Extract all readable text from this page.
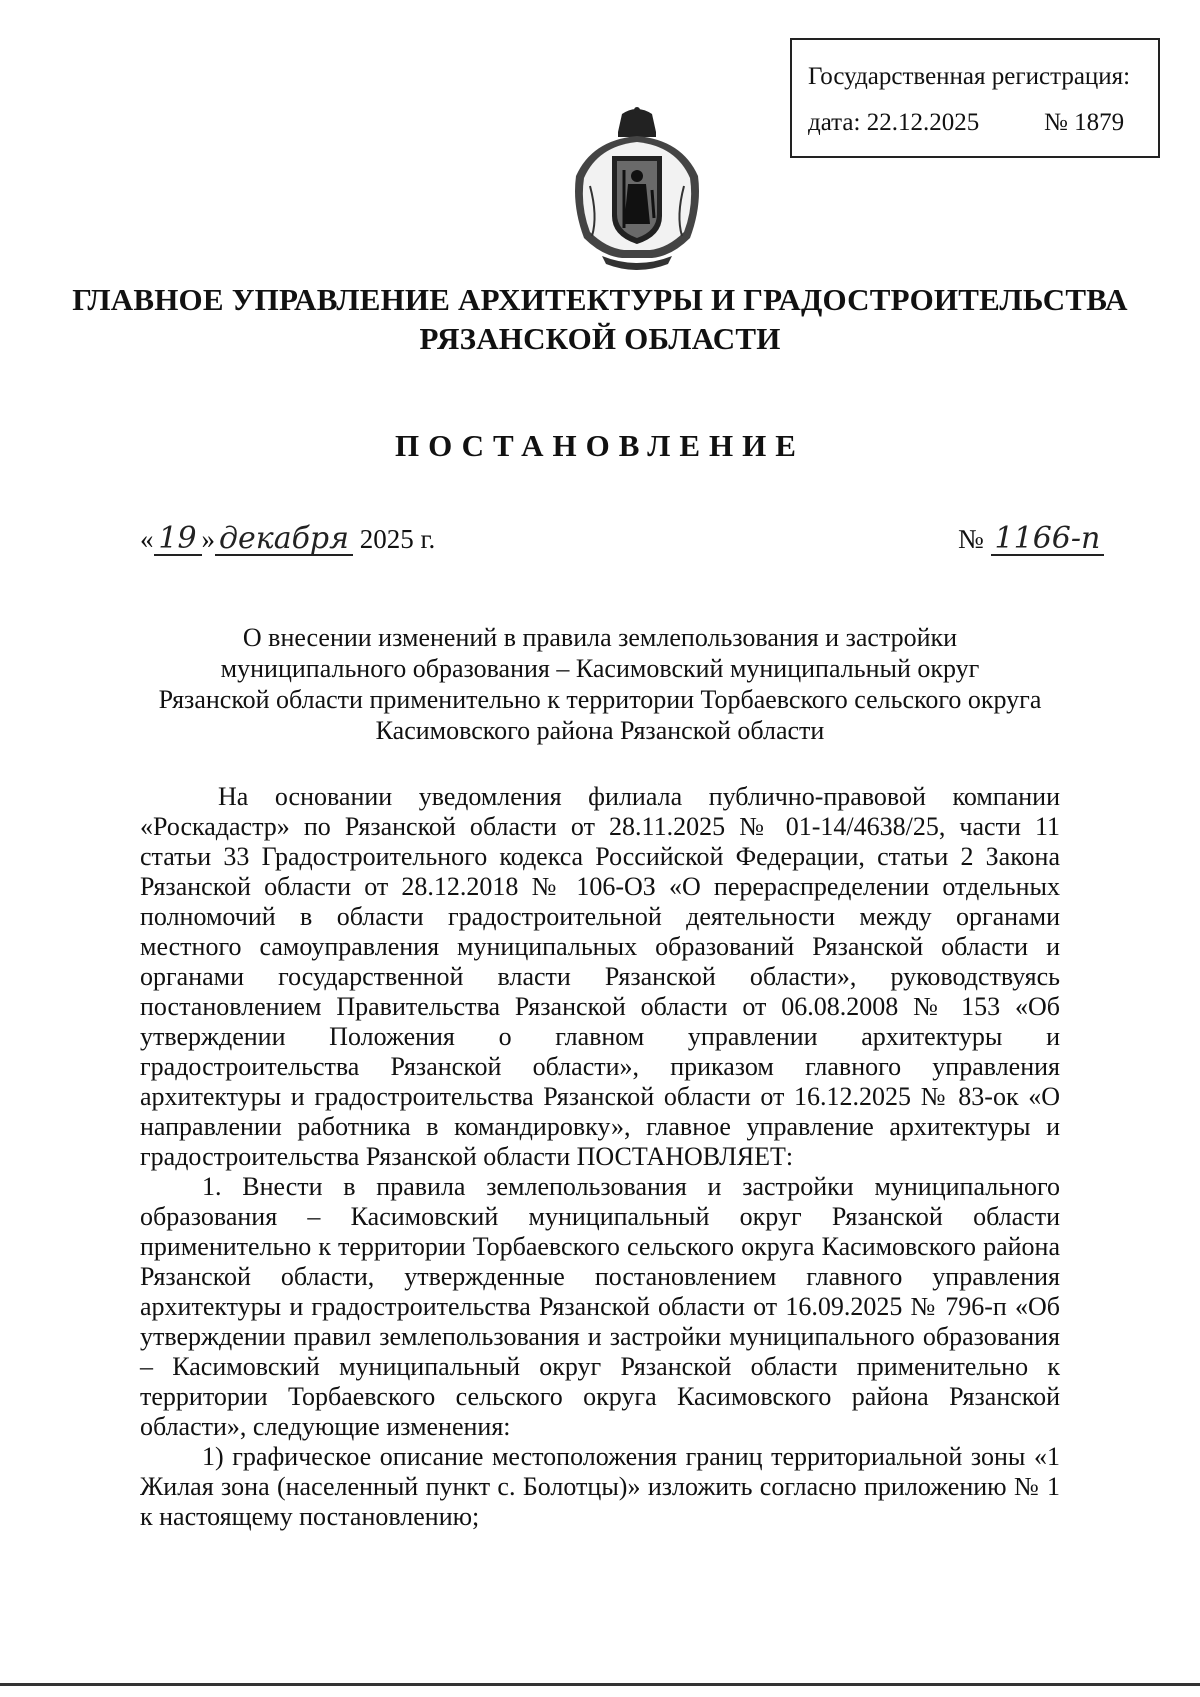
Государственная регистрация:
дата: 22.12.2025	№ 1879
ГЛАВНОЕ УПРАВЛЕНИЕ АРХИТЕКТУРЫ И ГРАДОСТРОИТЕЛЬСТВА
РЯЗАНСКОЙ ОБЛАСТИ
ПОСТАНОВЛЕНИЕ
« 19 » декабря 2025 г.	№ 1166-п
О внесении изменений в правила землепользования и застройки
муниципального образования – Касимовский муниципальный округ
Рязанской области применительно к территории Торбаевского сельского округа
Касимовского района Рязанской области

На основании уведомления филиала публично-правовой компании «Роскадастр» по Рязанской области от 28.11.2025 № 01-14/4638/25, части 11 статьи 33 Градостроительного кодекса Российской Федерации, статьи 2 Закона Рязанской области от 28.12.2018 № 106-ОЗ «О перераспределении отдельных полномочий в области градостроительной деятельности между органами местного самоуправления муниципальных образований Рязанской области и органами государственной власти Рязанской области», руководствуясь постановлением Правительства Рязанской области от 06.08.2008 № 153 «Об утверждении Положения о главном управлении архитектуры и градостроительства Рязанской области», приказом главного управления архитектуры и градостроительства Рязанской области от 16.12.2025 № 83-ок «О направлении работника в командировку», главное управление архитектуры и градостроительства Рязанской области ПОСТАНОВЛЯЕТ:

1. Внести в правила землепользования и застройки муниципального образования – Касимовский муниципальный округ Рязанской области применительно к территории Торбаевского сельского округа Касимовского района Рязанской области, утвержденные постановлением главного управления архитектуры и градостроительства Рязанской области от 16.09.2025 № 796-п «Об утверждении правил землепользования и застройки муниципального образования – Касимовский муниципальный округ Рязанской области применительно к территории Торбаевского сельского округа Касимовского района Рязанской области», следующие изменения:

1) графическое описание местоположения границ территориальной зоны «1 Жилая зона (населенный пункт с. Болотцы)» изложить согласно приложению № 1 к настоящему постановлению;
